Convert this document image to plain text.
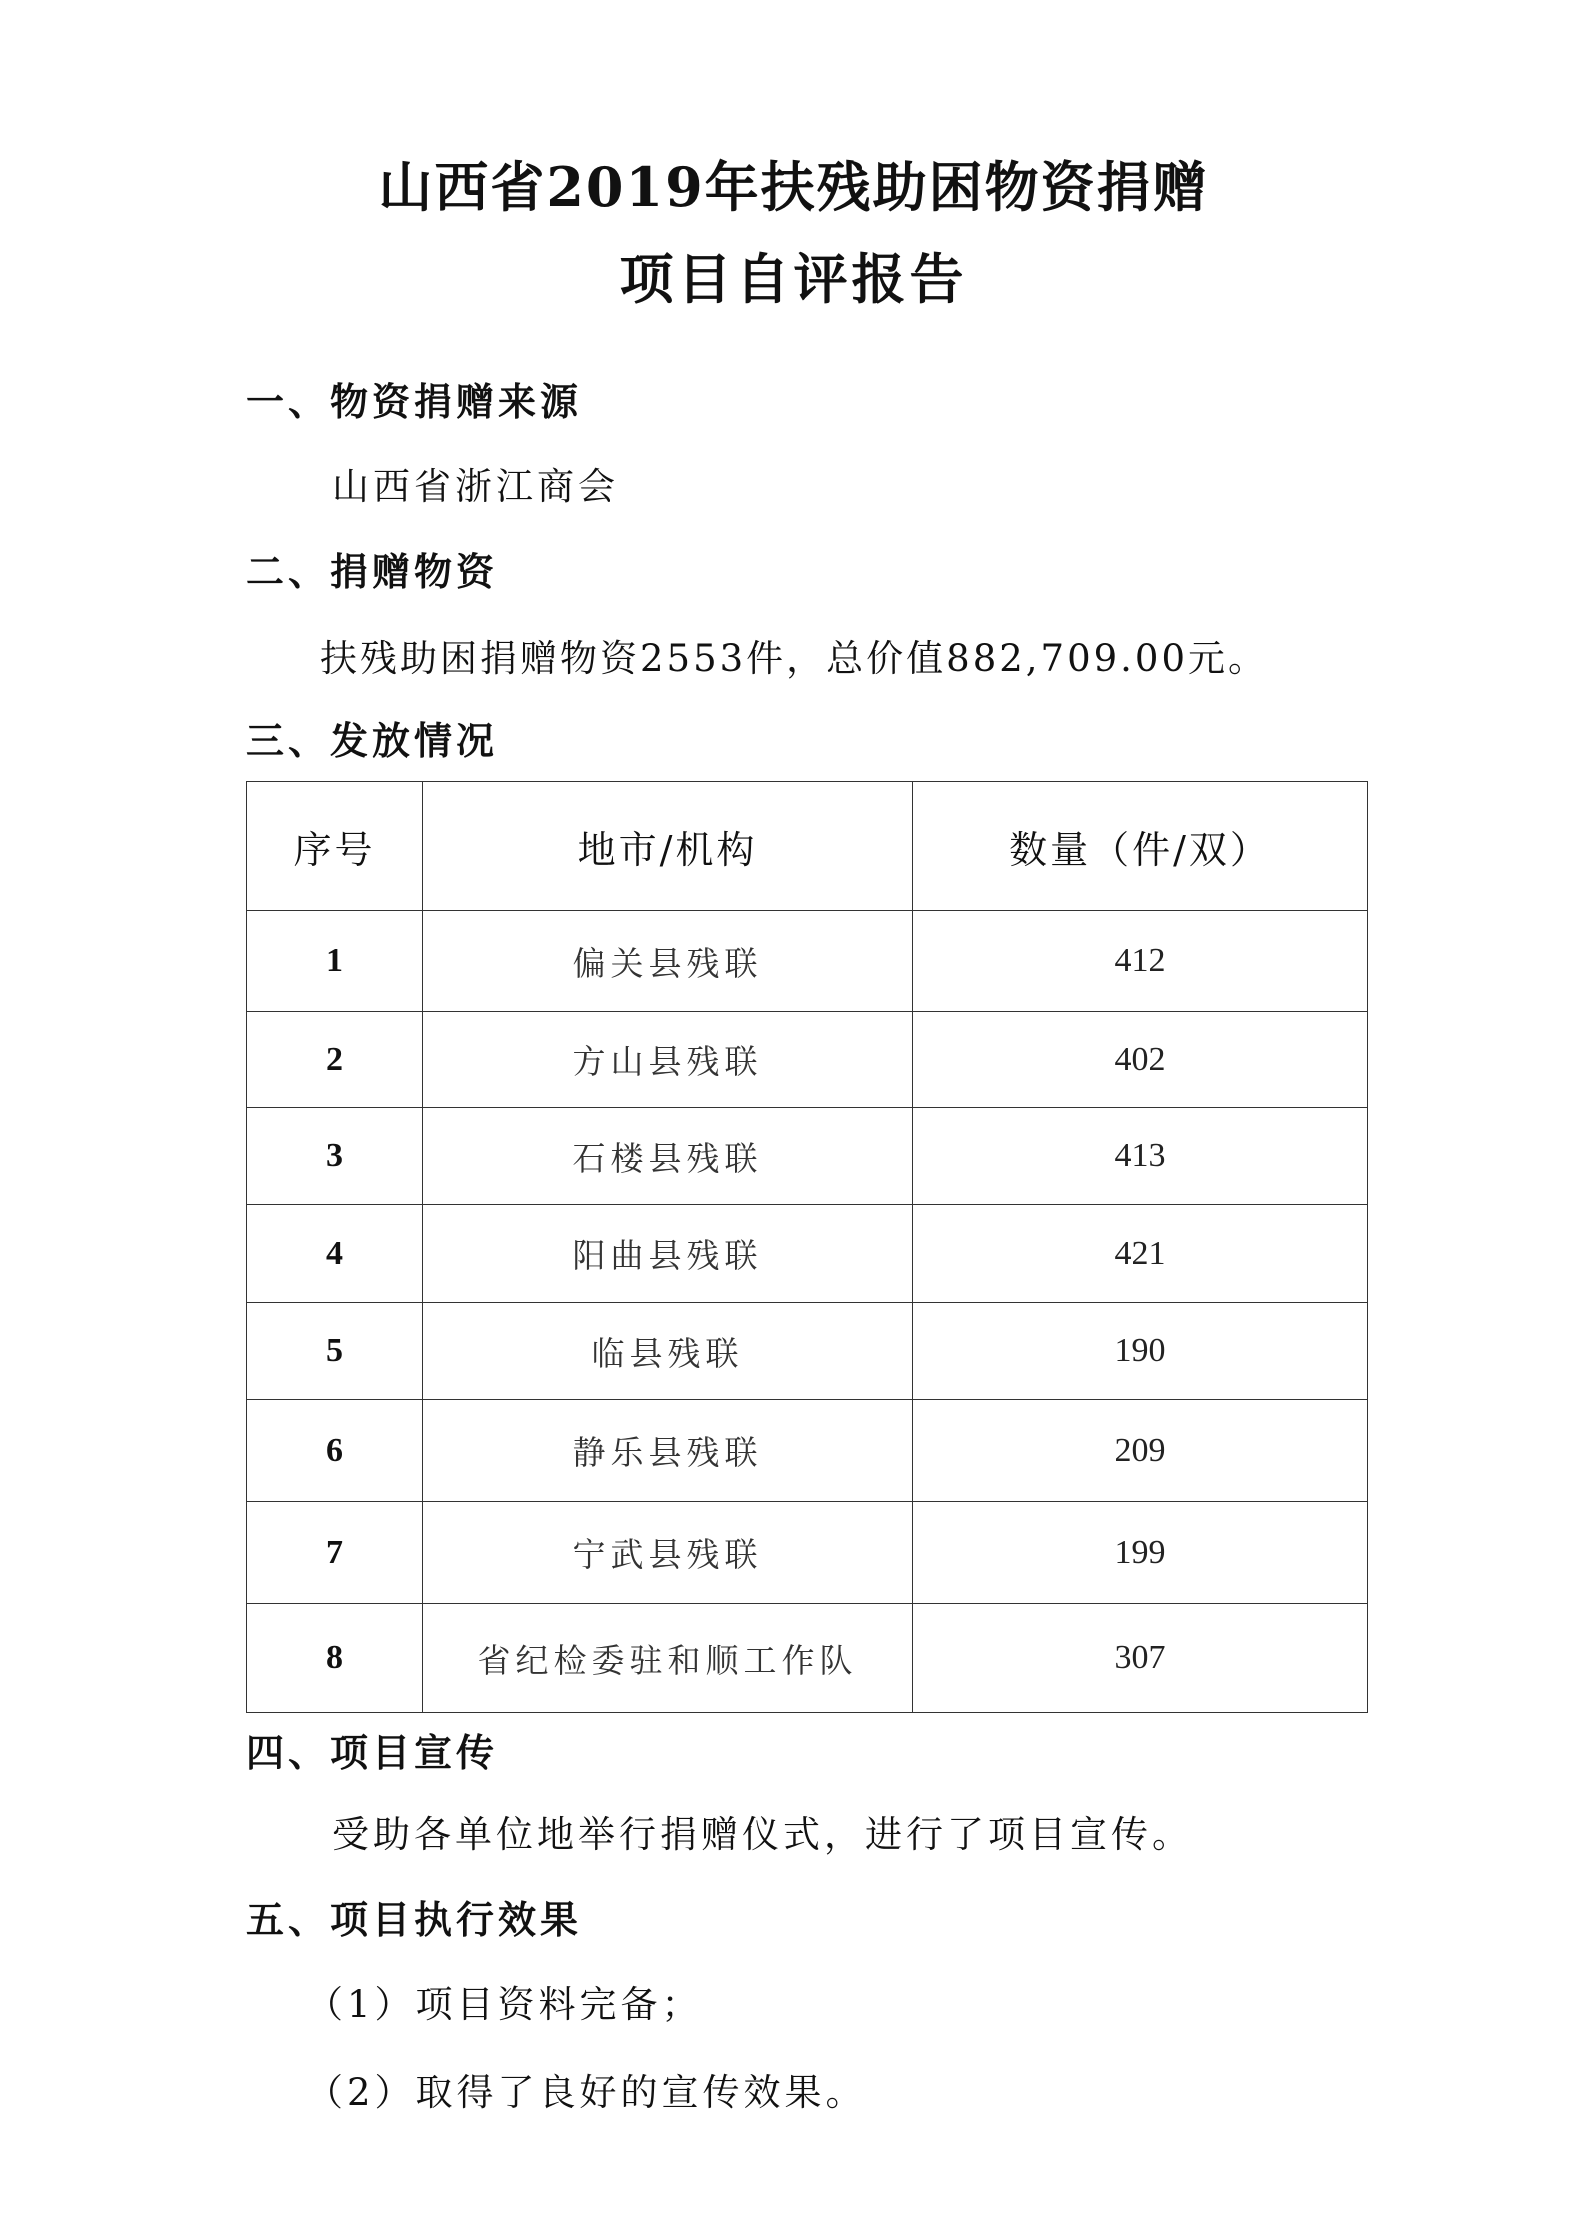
山西省2019年扶残助困物资捐赠
项目自评报告
一、物资捐赠来源
山西省浙江商会
二、捐赠物资
扶残助困捐赠物资2553件，总价值882,709.00元。
三、发放情况
序号	地市/机构	数量（件/双）
1	偏关县残联	412
2	方山县残联	402
3	石楼县残联	413
4	阳曲县残联	421
5	临县残联	190
6	静乐县残联	209
7	宁武县残联	199
8	省纪检委驻和顺工作队	307
四、项目宣传
受助各单位地举行捐赠仪式，进行了项目宣传。
五、项目执行效果
（1）项目资料完备；
（2）取得了良好的宣传效果。
